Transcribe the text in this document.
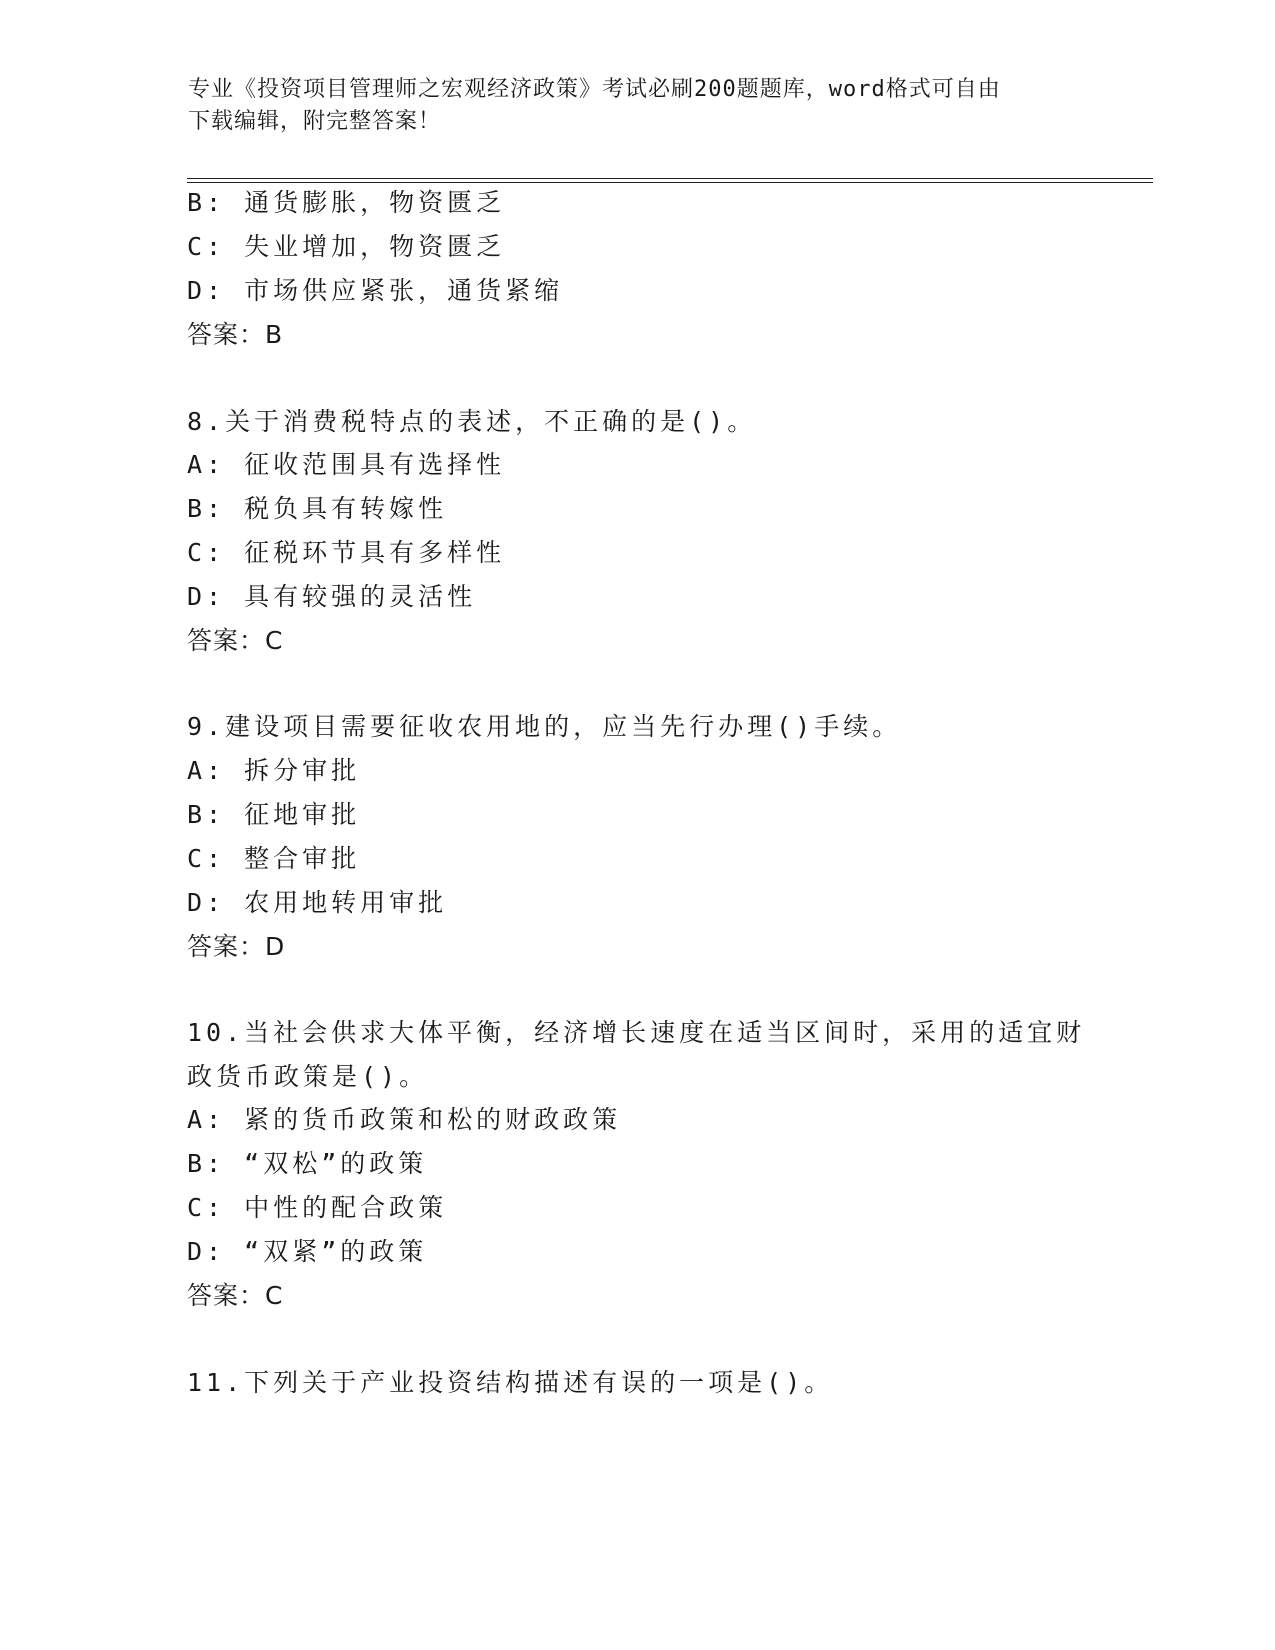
专业《投资项目管理师之宏观经济政策》考试必刷200题题库，word格式可自由
下载编辑，附完整答案！
B: 通货膨胀，物资匮乏
C: 失业增加，物资匮乏
D: 市场供应紧张，通货紧缩
答案：B
8.关于消费税特点的表述，不正确的是()。
A: 征收范围具有选择性
B: 税负具有转嫁性
C: 征税环节具有多样性
D: 具有较强的灵活性
答案：C
9.建设项目需要征收农用地的，应当先行办理()手续。
A: 拆分审批
B: 征地审批
C: 整合审批
D: 农用地转用审批
答案：D
10.当社会供求大体平衡，经济增长速度在适当区间时，采用的适宜财
政货币政策是()。
A: 紧的货币政策和松的财政政策
B: “双松”的政策
C: 中性的配合政策
D: “双紧”的政策
答案：C
11.下列关于产业投资结构描述有误的一项是()。
